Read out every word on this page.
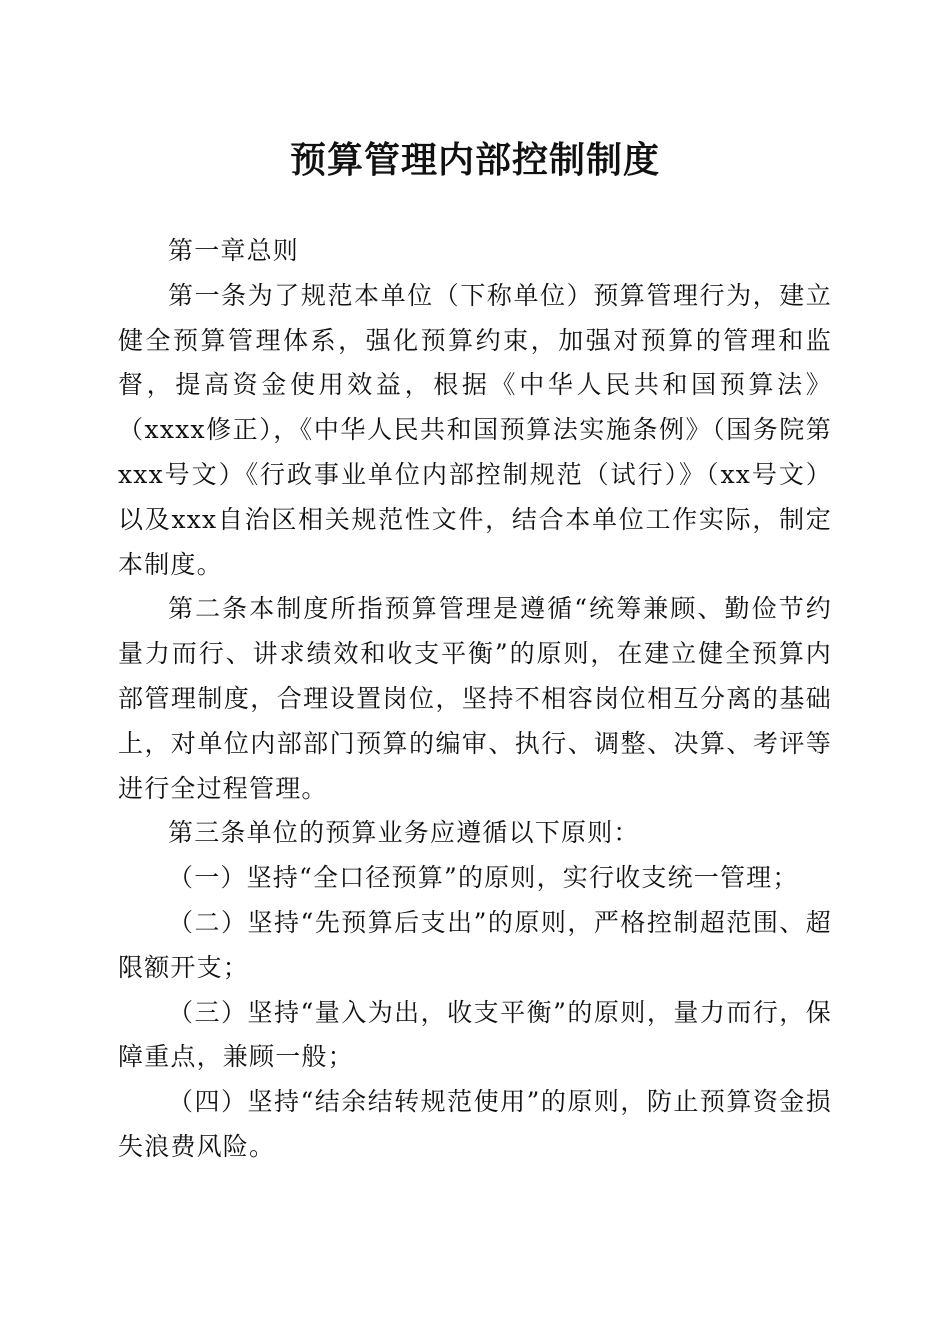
预算管理内部控制制度

第一章总则

第一条为了规范本单位（下称单位）预算管理行为，建立健全预算管理体系，强化预算约束，加强对预算的管理和监督，提高资金使用效益，根据《中华人民共和国预算法》（xxxx修正），《中华人民共和国预算法实施条例》（国务院第xxx号文）《行政事业单位内部控制规范（试行）》（xx号文）以及xxx自治区相关规范性文件，结合本单位工作实际，制定本制度。

第二条本制度所指预算管理是遵循“统筹兼顾、勤俭节约量力而行、讲求绩效和收支平衡”的原则，在建立健全预算内部管理制度，合理设置岗位，坚持不相容岗位相互分离的基础上，对单位内部部门预算的编审、执行、调整、决算、考评等进行全过程管理。

第三条单位的预算业务应遵循以下原则：

（一）坚持“全口径预算”的原则，实行收支统一管理；

（二）坚持“先预算后支出”的原则，严格控制超范围、超限额开支；

（三）坚持“量入为出，收支平衡”的原则，量力而行，保障重点，兼顾一般；

（四）坚持“结余结转规范使用”的原则，防止预算资金损失浪费风险。
